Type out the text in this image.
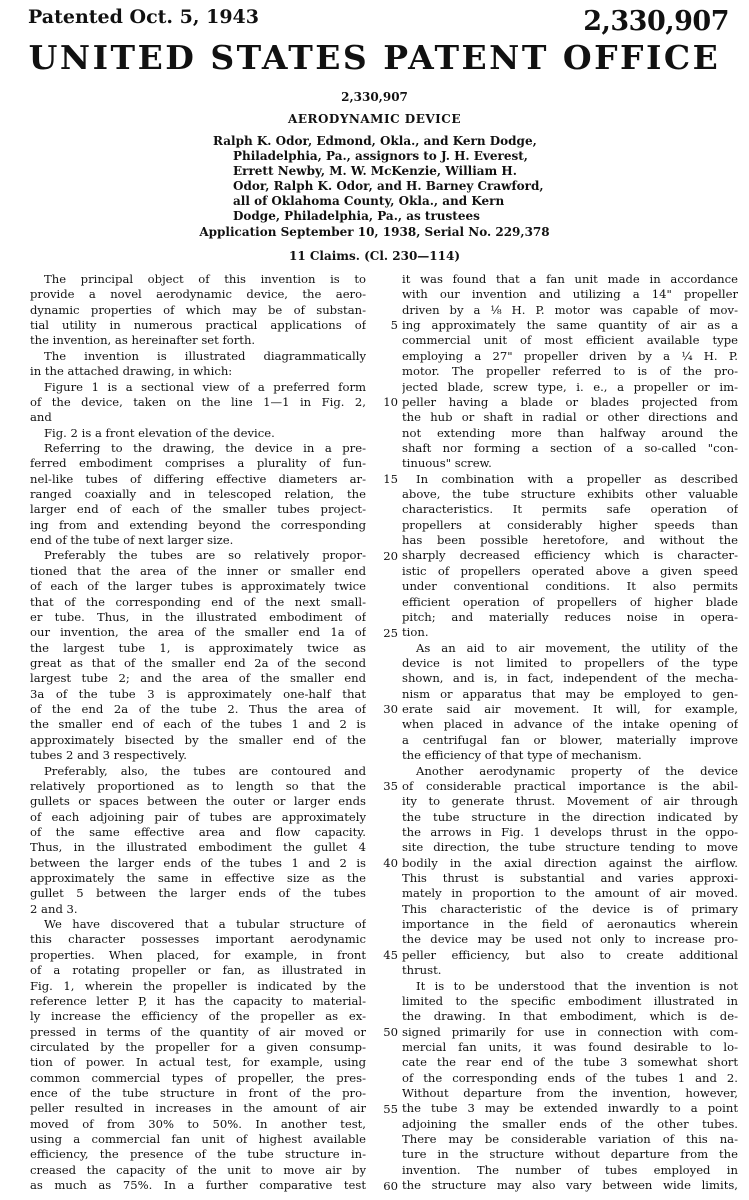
Patented Oct. 5, 1943	2,330,907
UNITED STATES PATENT OFFICE
2,330,907
AERODYNAMIC DEVICE
Ralph K. Odor, Edmond, Okla., and Kern Dodge,
Philadelphia, Pa., assignors to J. H. Everest,
Errett Newby, M. W. McKenzie, William H.
Odor, Ralph K. Odor, and H. Barney Crawford,
all of Oklahoma County, Okla., and Kern
Dodge, Philadelphia, Pa., as trustees
Application September 10, 1938, Serial No. 229,378
11 Claims. (Cl. 230—114)
The principal object of this invention is to
provide a novel aerodynamic device, the aero-
dynamic properties of which may be of substan-
tial utility in numerous practical applications of
the invention, as hereinafter set forth.
The invention is illustrated diagrammatically
in the attached drawing, in which:
Figure 1 is a sectional view of a preferred form
of the device, taken on the line 1—1 in Fig. 2,
and
Fig. 2 is a front elevation of the device.
Referring to the drawing, the device in a pre-
ferred embodiment comprises a plurality of fun-
nel-like tubes of differing effective diameters ar-
ranged coaxially and in telescoped relation, the
larger end of each of the smaller tubes project-
ing from and extending beyond the corresponding
end of the tube of next larger size.
Preferably the tubes are so relatively propor-
tioned that the area of the inner or smaller end
of each of the larger tubes is approximately twice
that of the corresponding end of the next small-
er tube. Thus, in the illustrated embodiment of
our invention, the area of the smaller end 1a of
the largest tube 1, is approximately twice as
great as that of the smaller end 2a of the second
largest tube 2; and the area of the smaller end
3a of the tube 3 is approximately one-half that
of the end 2a of the tube 2. Thus the area of
the smaller end of each of the tubes 1 and 2 is
approximately bisected by the smaller end of the
tubes 2 and 3 respectively.
Preferably, also, the tubes are contoured and
relatively proportioned as to length so that the
gullets or spaces between the outer or larger ends
of each adjoining pair of tubes are approximately
of the same effective area and flow capacity.
Thus, in the illustrated embodiment the gullet 4
between the larger ends of the tubes 1 and 2 is
approximately the same in effective size as the
gullet 5 between the larger ends of the tubes
2 and 3.
We have discovered that a tubular structure of
this character possesses important aerodynamic
properties. When placed, for example, in front
of a rotating propeller or fan, as illustrated in
Fig. 1, wherein the propeller is indicated by the
reference letter P, it has the capacity to material-
ly increase the efficiency of the propeller as ex-
pressed in terms of the quantity of air moved or
circulated by the propeller for a given consump-
tion of power. In actual test, for example, using
common commercial types of propeller, the pres-
ence of the tube structure in front of the pro-
peller resulted in increases in the amount of air
moved of from 30% to 50%. In another test,
using a commercial fan unit of highest available
efficiency, the presence of the tube structure in-
creased the capacity of the unit to move air by
as much as 75%. In a further comparative test
5
10
15
20
25
30
35
40
45
50
55
60
it was found that a fan unit made in accordance
with our invention and utilizing a 14" propeller
driven by a ⅛ H. P. motor was capable of mov-
ing approximately the same quantity of air as a
commercial unit of most efficient available type
employing a 27" propeller driven by a ¼ H. P.
motor. The propeller referred to is of the pro-
jected blade, screw type, i. e., a propeller or im-
peller having a blade or blades projected from
the hub or shaft in radial or other directions and
not extending more than halfway around the
shaft nor forming a section of a so-called "con-
tinuous" screw.
In combination with a propeller as described
above, the tube structure exhibits other valuable
characteristics. It permits safe operation of
propellers at considerably higher speeds than
has been possible heretofore, and without the
sharply decreased efficiency which is character-
istic of propellers operated above a given speed
under conventional conditions. It also permits
efficient operation of propellers of higher blade
pitch; and materially reduces noise in opera-
tion.
As an aid to air movement, the utility of the
device is not limited to propellers of the type
shown, and is, in fact, independent of the mecha-
nism or apparatus that may be employed to gen-
erate said air movement. It will, for example,
when placed in advance of the intake opening of
a centrifugal fan or blower, materially improve
the efficiency of that type of mechanism.
Another aerodynamic property of the device
of considerable practical importance is the abil-
ity to generate thrust. Movement of air through
the tube structure in the direction indicated by
the arrows in Fig. 1 develops thrust in the oppo-
site direction, the tube structure tending to move
bodily in the axial direction against the airflow.
This thrust is substantial and varies approxi-
mately in proportion to the amount of air moved.
This characteristic of the device is of primary
importance in the field of aeronautics wherein
the device may be used not only to increase pro-
peller efficiency, but also to create additional
thrust.
It is to be understood that the invention is not
limited to the specific embodiment illustrated in
the drawing. In that embodiment, which is de-
signed primarily for use in connection with com-
mercial fan units, it was found desirable to lo-
cate the rear end of the tube 3 somewhat short
of the corresponding ends of the tubes 1 and 2.
Without departure from the invention, however,
the tube 3 may be extended inwardly to a point
adjoining the smaller ends of the other tubes.
There may be considerable variation of this na-
ture in the structure without departure from the
invention. The number of tubes employed in
the structure may also vary between wide limits,
